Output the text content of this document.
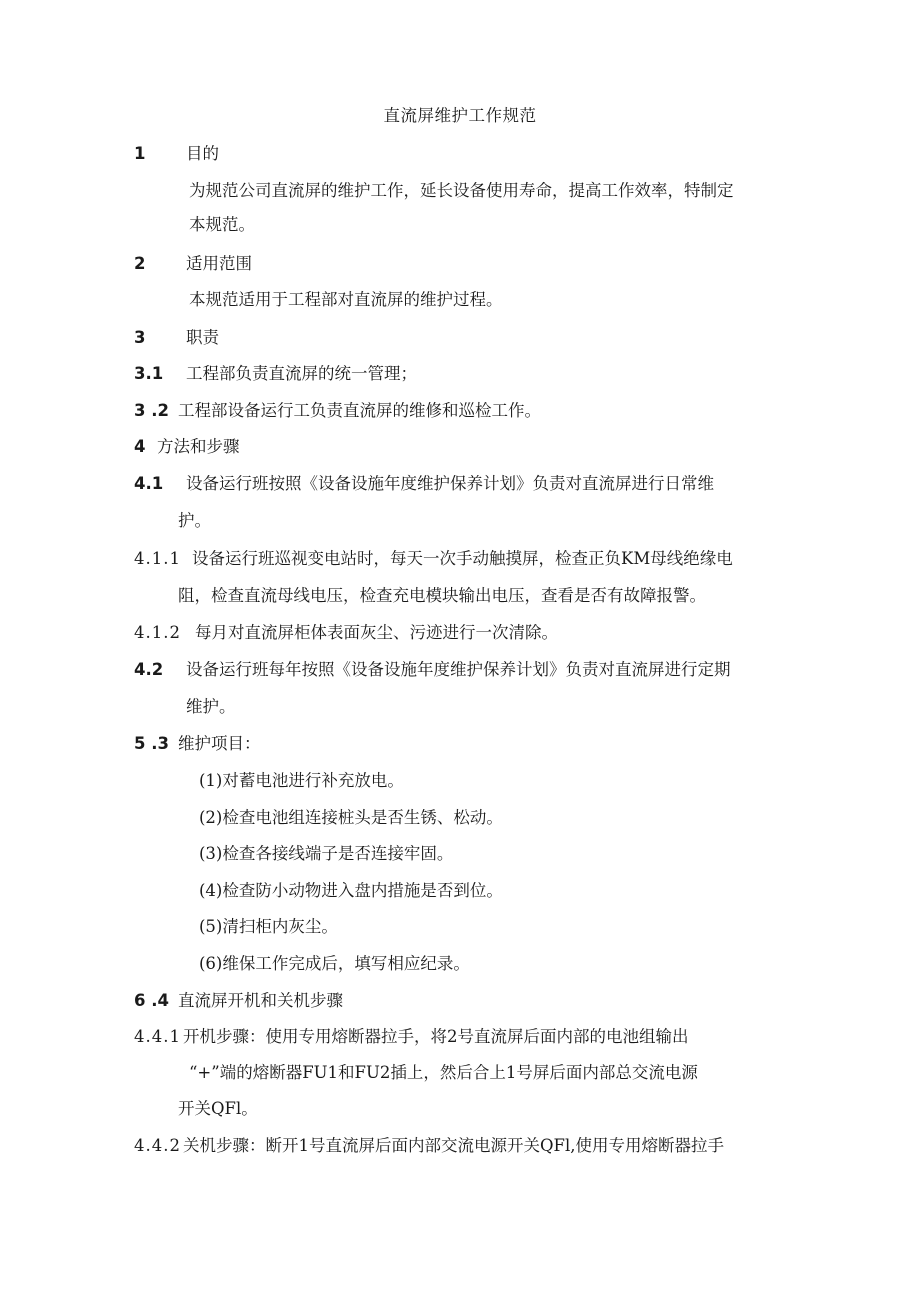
直流屏维护工作规范
1 目的
为规范公司直流屏的维护工作，延长设备使用寿命，提高工作效率，特制定
本规范。
2 适用范围
本规范适用于工程部对直流屏的维护过程。
3 职责
3.1 工程部负责直流屏的统一管理；
3 .2 工程部设备运行工负责直流屏的维修和巡检工作。
4 方法和步骤
4.1 设备运行班按照《设备设施年度维护保养计划》负责对直流屏进行日常维
护。
4.1.1 设备运行班巡视变电站时，每天一次手动触摸屏，检查正负KM母线绝缘电
阻，检查直流母线电压，检查充电模块输出电压，查看是否有故障报警。
4.1.2 每月对直流屏柜体表面灰尘、污迹进行一次清除。
4.2 设备运行班每年按照《设备设施年度维护保养计划》负责对直流屏进行定期
维护。
5 .3 维护项目：
(1)对蓄电池进行补充放电。
(2)检查电池组连接桩头是否生锈、松动。
(3)检查各接线端子是否连接牢固。
(4)检查防小动物进入盘内措施是否到位。
(5)清扫柜内灰尘。
(6)维保工作完成后，填写相应纪录。
6 .4 直流屏开机和关机步骤
4.4.1 开机步骤：使用专用熔断器拉手，将2号直流屏后面内部的电池组输出
“+”端的熔断器FU1和FU2插上，然后合上1号屏后面内部总交流电源
开关QFl。
4.4.2 关机步骤：断开1号直流屏后面内部交流电源开关QFl,使用专用熔断器拉手
